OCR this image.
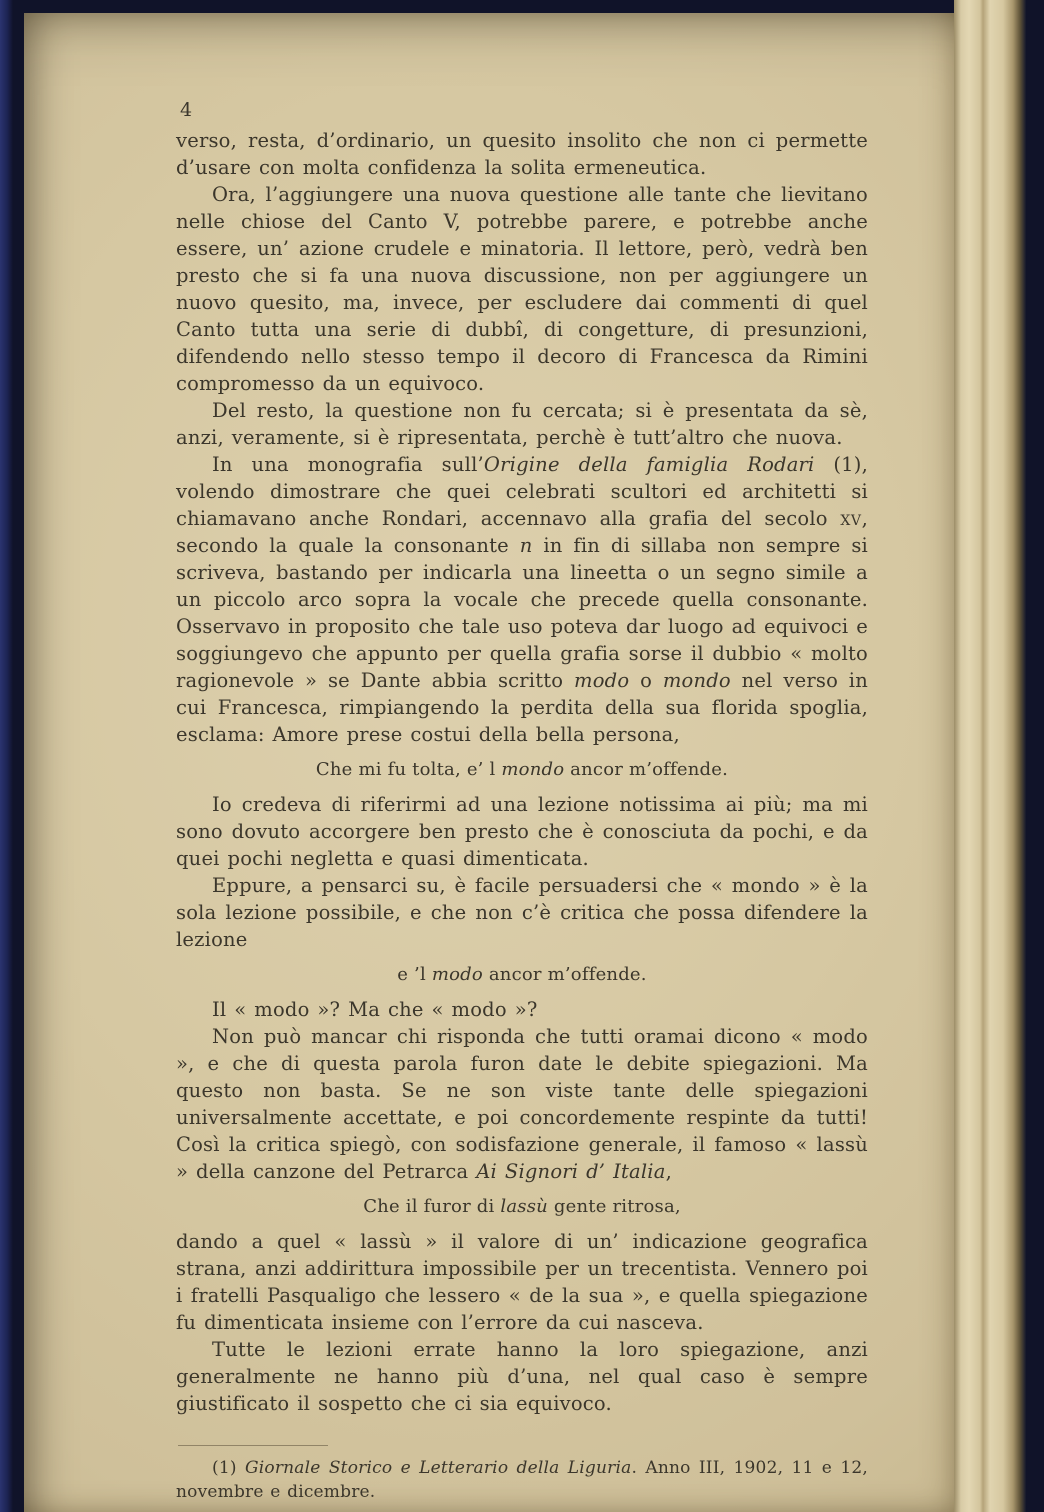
4

verso, resta, d’ordinario, un quesito insolito che non ci permette d’usare con molta confidenza la solita ermeneutica.

Ora, l’aggiungere una nuova questione alle tante che lievitano nelle chiose del Canto V, potrebbe parere, e potrebbe anche essere, un’ azione crudele e minatoria. Il lettore, però, vedrà ben presto che si fa una nuova discussione, non per aggiungere un nuovo quesito, ma, invece, per escludere dai commenti di quel Canto tutta una serie di dubbî, di congetture, di presunzioni, difendendo nello stesso tempo il decoro di Francesca da Rimini compromesso da un equivoco.

Del resto, la questione non fu cercata; si è presentata da sè, anzi, veramente, si è ripresentata, perchè è tutt’altro che nuova.

In una monografia sull’Origine della famiglia Rodari (1), volendo dimostrare che quei celebrati scultori ed architetti si chiamavano anche Rondari, accennavo alla grafia del secolo xv, secondo la quale la consonante n in fin di sillaba non sempre si scriveva, bastando per indicarla una lineetta o un segno simile a un piccolo arco sopra la vocale che precede quella consonante. Osservavo in proposito che tale uso poteva dar luogo ad equivoci e soggiungevo che appunto per quella grafia sorse il dubbio « molto ragionevole » se Dante abbia scritto modo o mondo nel verso in cui Francesca, rimpiangendo la perdita della sua florida spoglia, esclama: Amore prese costui della bella persona,

Che mi fu tolta, e’ l mondo ancor m’offende.

Io credeva di riferirmi ad una lezione notissima ai più; ma mi sono dovuto accorgere ben presto che è conosciuta da pochi, e da quei pochi negletta e quasi dimenticata.

Eppure, a pensarci su, è facile persuadersi che « mondo » è la sola lezione possibile, e che non c’è critica che possa difendere la lezione

e ’l modo ancor m’offende.

Il « modo »? Ma che « modo »?

Non può mancar chi risponda che tutti oramai dicono « modo », e che di questa parola furon date le debite spiegazioni. Ma questo non basta. Se ne son viste tante delle spiegazioni universalmente accettate, e poi concordemente respinte da tutti! Così la critica spiegò, con sodisfazione generale, il famoso « lassù » della canzone del Petrarca Ai Signori d’ Italia,

Che il furor di lassù gente ritrosa,

dando a quel « lassù » il valore di un’ indicazione geografica strana, anzi addirittura impossibile per un trecentista. Vennero poi i fratelli Pasqualigo che lessero « de la sua », e quella spiegazione fu dimenticata insieme con l’errore da cui nasceva.

Tutte le lezioni errate hanno la loro spiegazione, anzi generalmente ne hanno più d’una, nel qual caso è sempre giustificato il sospetto che ci sia equivoco.

(1) Giornale Storico e Letterario della Liguria. Anno III, 1902, 11 e 12, novembre e dicembre.
